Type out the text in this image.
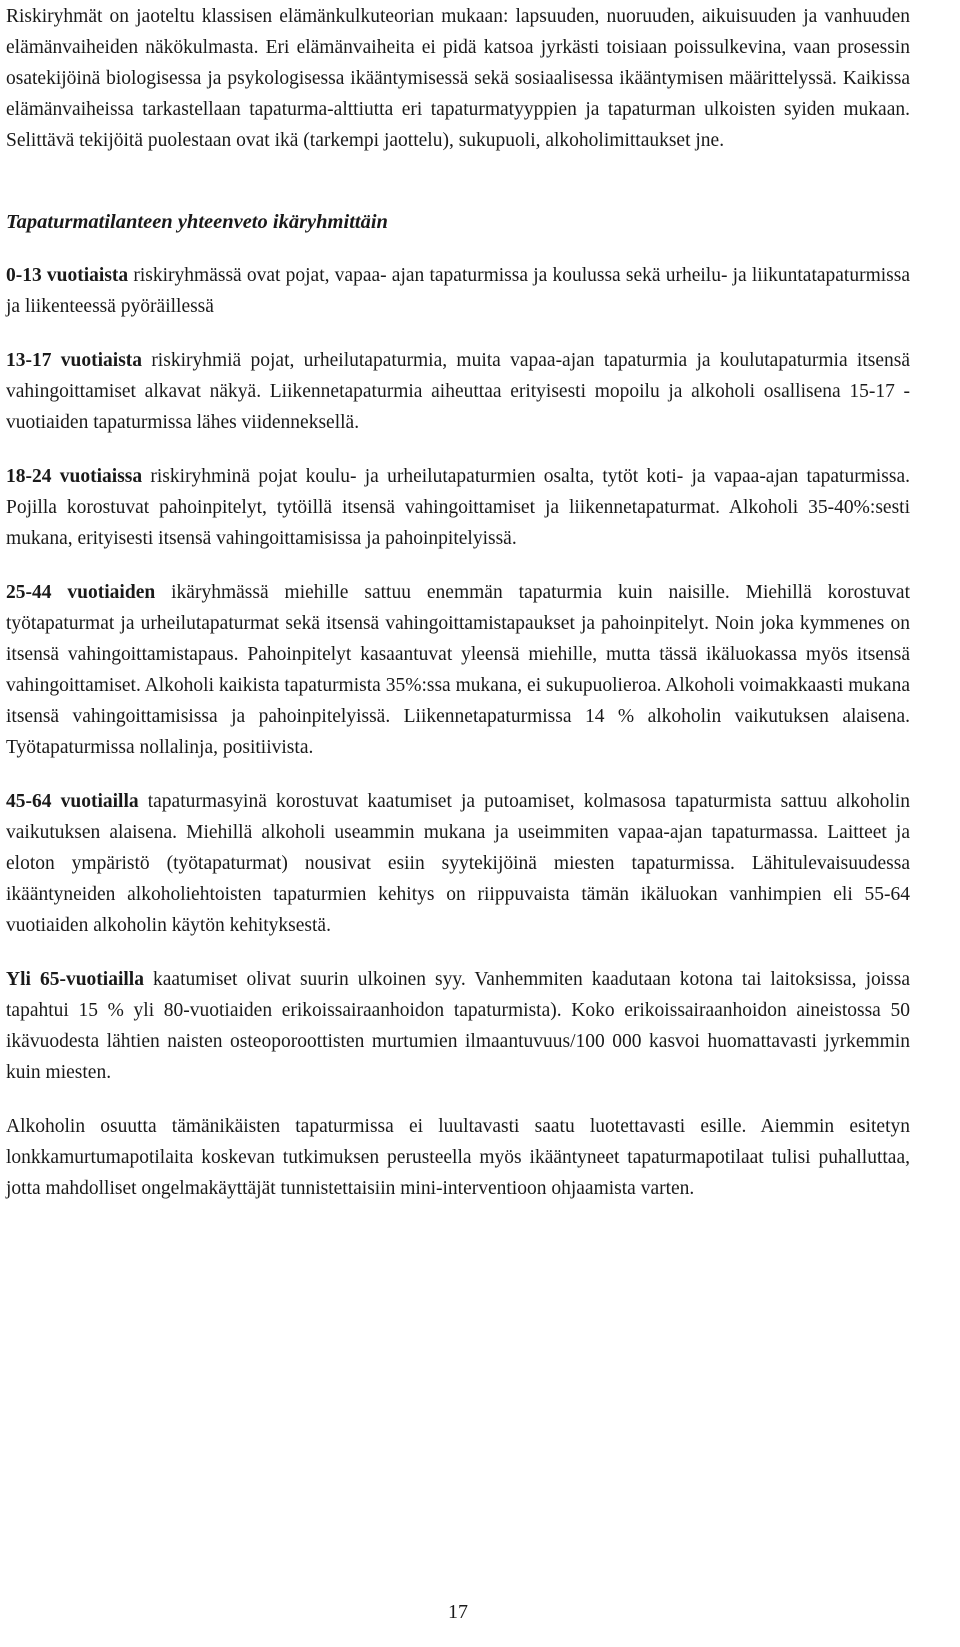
Riskiryhmät on jaoteltu klassisen elämänkulkuteorian mukaan: lapsuuden, nuoruuden, aikuisuuden ja vanhuuden elämänvaiheiden näkökulmasta. Eri elämänvaiheita ei pidä katsoa jyrkästi toisiaan poissulkevina, vaan prosessin osatekijöinä biologisessa ja psykologisessa ikääntymisessä sekä sosiaalisessa ikääntymisen määrittelyssä. Kaikissa elämänvaiheissa tarkastellaan tapaturma-alttiutta eri tapaturmatyyppien ja tapaturman ulkoisten syiden mukaan. Selittävä tekijöitä puolestaan ovat ikä (tarkempi jaottelu), sukupuoli, alkoholimittaukset jne.

Tapaturmatilanteen yhteenveto ikäryhmittäin

0-13 vuotiaista riskiryhmässä ovat pojat, vapaa- ajan tapaturmissa ja koulussa sekä urheilu- ja liikuntatapaturmissa ja liikenteessä pyöräillessä

13-17 vuotiaista riskiryhmiä pojat, urheilutapaturmia, muita vapaa-ajan tapaturmia ja koulutapaturmia itsensä vahingoittamiset alkavat näkyä. Liikennetapaturmia aiheuttaa erityisesti mopoilu ja alkoholi osallisena 15-17 -vuotiaiden tapaturmissa lähes viidenneksellä.

18-24 vuotiaissa riskiryhminä pojat koulu- ja urheilutapaturmien osalta, tytöt koti- ja vapaa-ajan tapaturmissa. Pojilla korostuvat pahoinpitelyt, tytöillä itsensä vahingoittamiset ja liikennetapaturmat. Alkoholi 35-40%:sesti mukana, erityisesti itsensä vahingoittamisissa ja pahoinpitelyissä.

25-44 vuotiaiden ikäryhmässä miehille sattuu enemmän tapaturmia kuin naisille. Miehillä korostuvat työtapaturmat ja urheilutapaturmat sekä itsensä vahingoittamistapaukset ja pahoinpitelyt. Noin joka kymmenes on itsensä vahingoittamistapaus. Pahoinpitelyt kasaantuvat yleensä miehille, mutta tässä ikäluokassa myös itsensä vahingoittamiset. Alkoholi kaikista tapaturmista 35%:ssa mukana, ei sukupuolieroa. Alkoholi voimakkaasti mukana itsensä vahingoittamisissa ja pahoinpitelyissä. Liikennetapaturmissa 14 % alkoholin vaikutuksen alaisena. Työtapaturmissa nollalinja, positiivista.

45-64 vuotiailla tapaturmasyinä korostuvat kaatumiset ja putoamiset, kolmasosa tapaturmista sattuu alkoholin vaikutuksen alaisena. Miehillä alkoholi useammin mukana ja useimmiten vapaa-ajan tapaturmassa. Laitteet ja eloton ympäristö (työtapaturmat) nousivat esiin syytekijöinä miesten tapaturmissa. Lähitulevaisuudessa ikääntyneiden alkoholiehtoisten tapaturmien kehitys on riippuvaista tämän ikäluokan vanhimpien eli 55-64 vuotiaiden alkoholin käytön kehityksestä.

Yli 65-vuotiailla kaatumiset olivat suurin ulkoinen syy. Vanhemmiten kaadutaan kotona tai laitoksissa, joissa tapahtui 15 % yli 80-vuotiaiden erikoissairaanhoidon tapaturmista). Koko erikoissairaanhoidon aineistossa 50 ikävuodesta lähtien naisten osteoporoottisten murtumien ilmaantuvuus/100 000 kasvoi huomattavasti jyrkemmin kuin miesten.

Alkoholin osuutta tämänikäisten tapaturmissa ei luultavasti saatu luotettavasti esille. Aiemmin esitetyn lonkkamurtumapotilaita koskevan tutkimuksen perusteella myös ikääntyneet tapaturmapotilaat tulisi puhalluttaa, jotta mahdolliset ongelmakäyttäjät tunnistettaisiin mini-interventioon ohjaamista varten.

17
